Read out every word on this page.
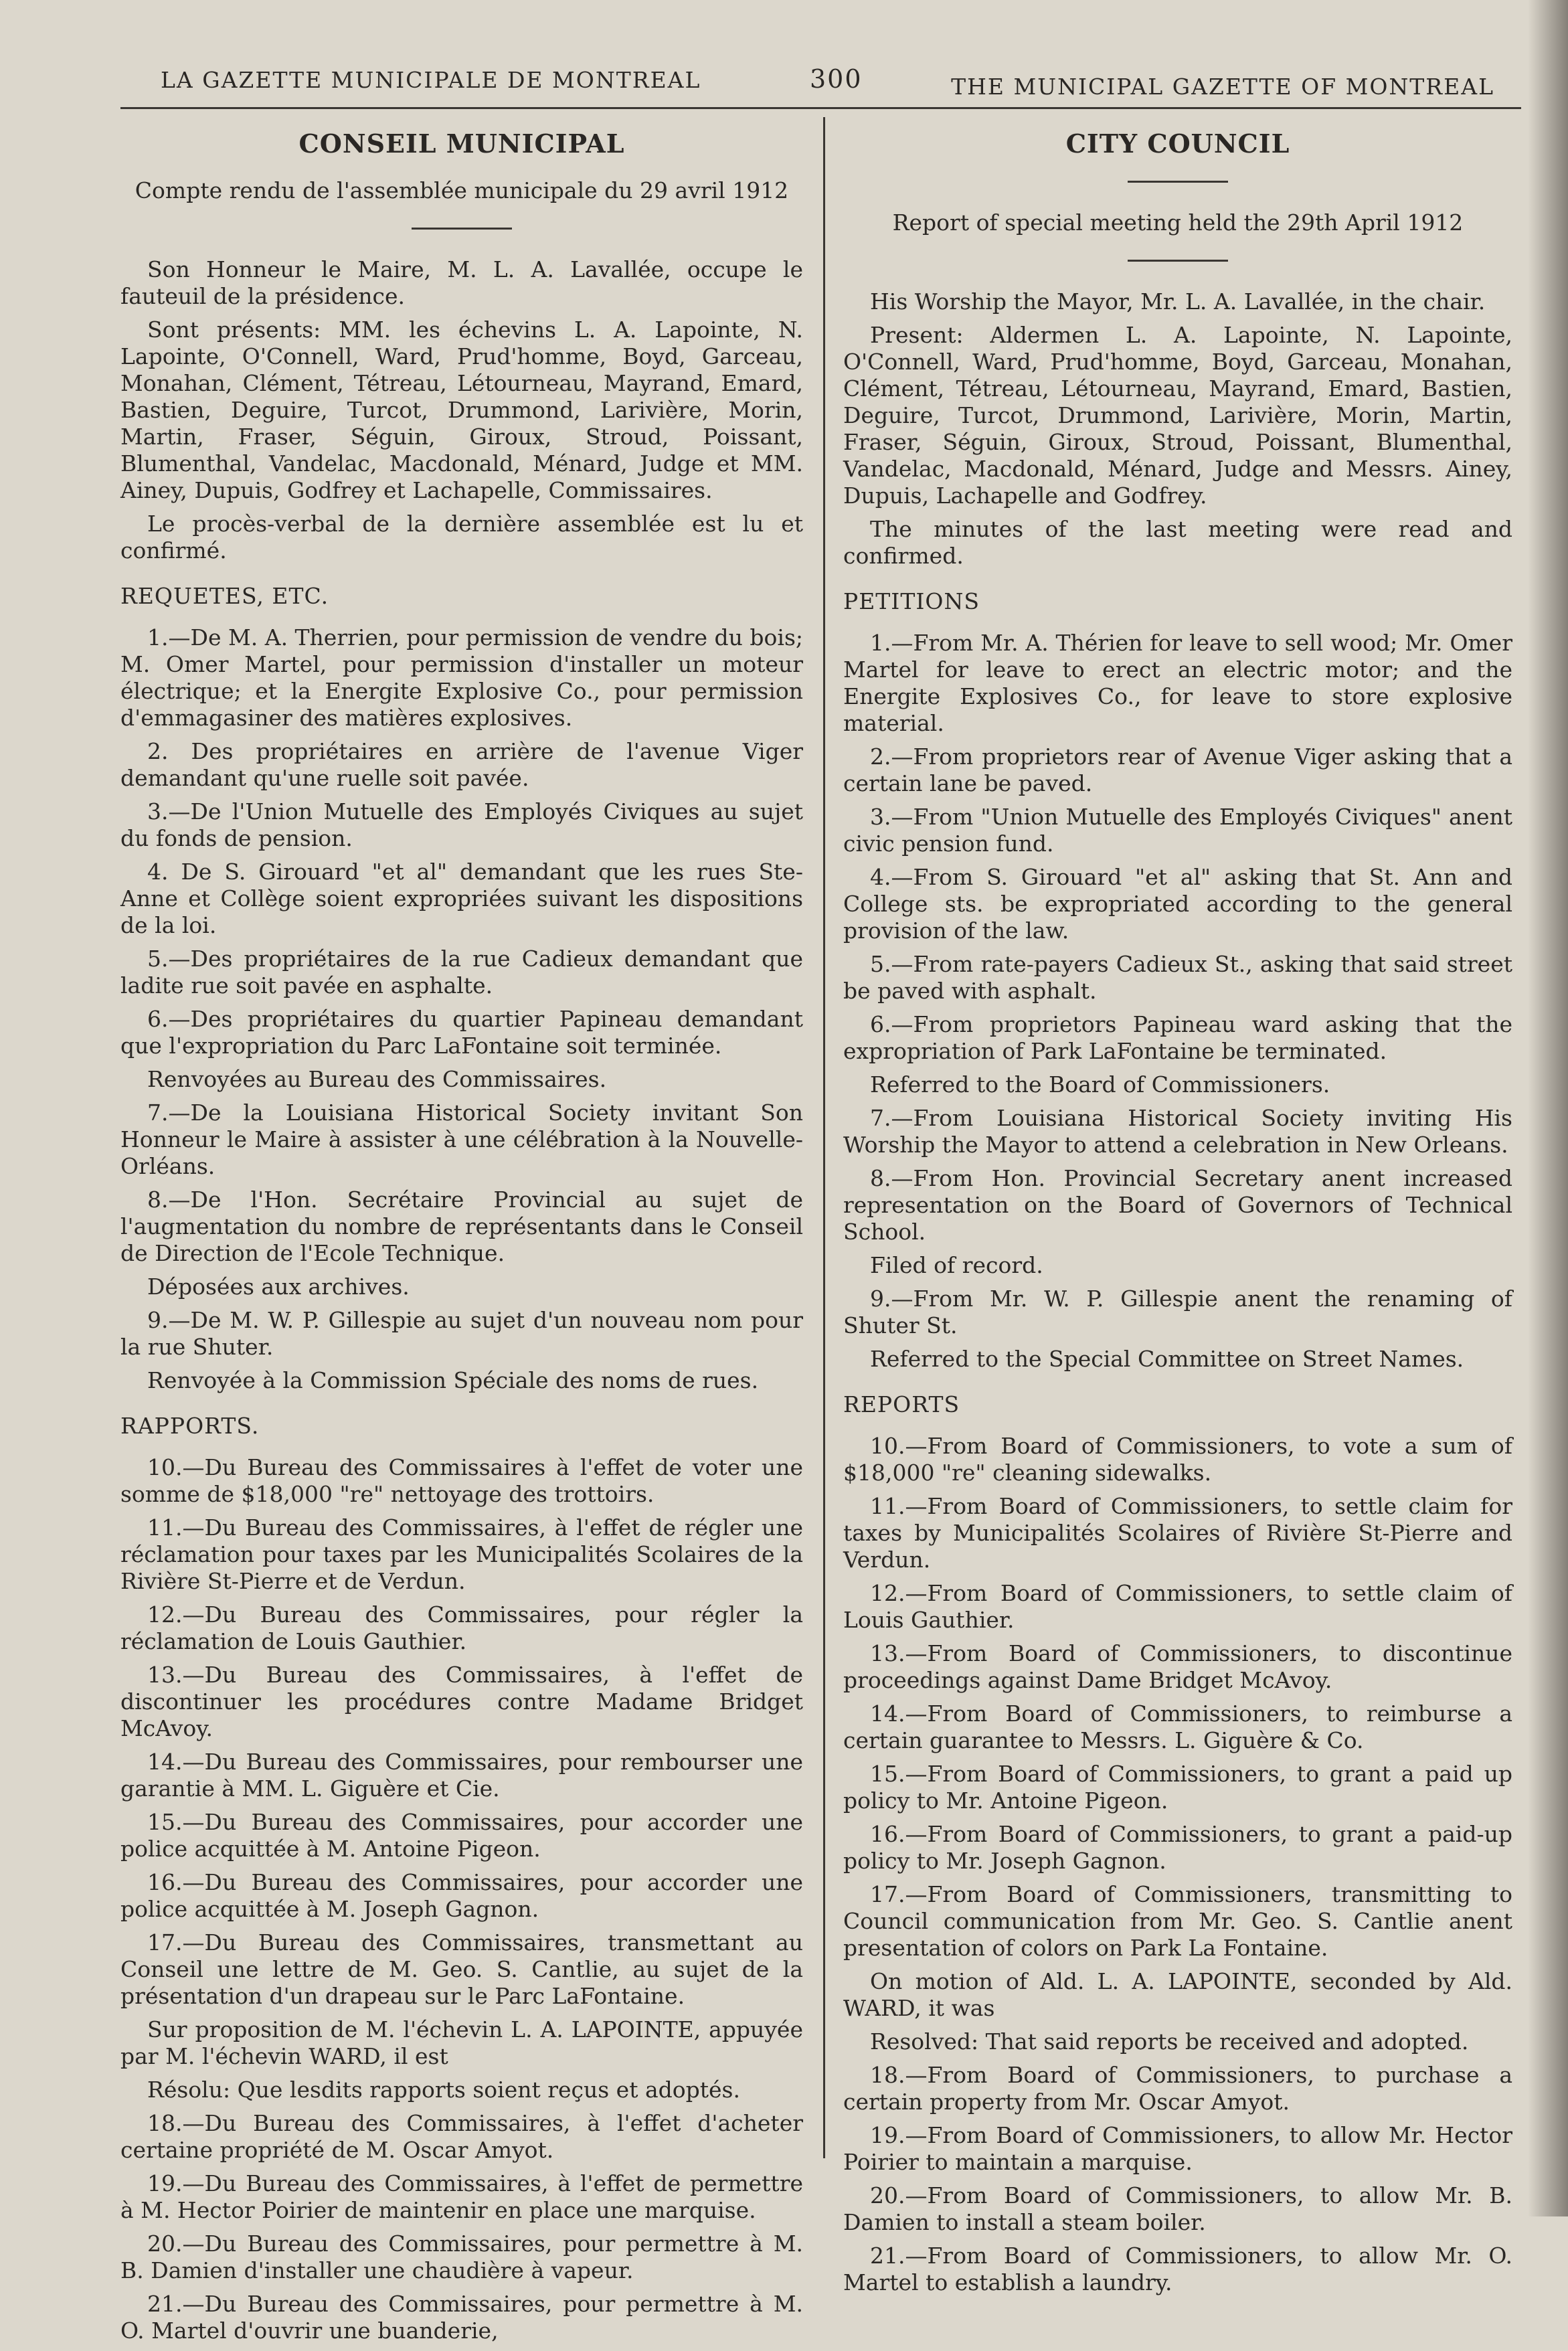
LA GAZETTE MUNICIPALE DE MONTREAL	300	THE MUNICIPAL GAZETTE OF MONTREAL
CONSEIL MUNICIPAL
Compte rendu de l'assemblée municipale du 29 avril 1912

Son Honneur le Maire, M. L. A. Lavallée, occupe le fauteuil de la présidence.

Sont présents: MM. les échevins L. A. Lapointe, N. Lapointe, O'Connell, Ward, Prud'homme, Boyd, Garceau, Monahan, Clément, Tétreau, Létourneau, Mayrand, Emard, Bastien, Deguire, Turcot, Drummond, Larivière, Morin, Martin, Fraser, Séguin, Giroux, Stroud, Poissant, Blumenthal, Vandelac, Macdonald, Ménard, Judge et MM. Ainey, Dupuis, Godfrey et Lachapelle, Commissaires.

Le procès-verbal de la dernière assemblée est lu et confirmé.

REQUETES, ETC.

1.—De M. A. Therrien, pour permission de vendre du bois; M. Omer Martel, pour permission d'installer un moteur électrique; et la Energite Explosive Co., pour permission d'emmagasiner des matières explosives.

2. Des propriétaires en arrière de l'avenue Viger demandant qu'une ruelle soit pavée.

3.—De l'Union Mutuelle des Employés Civiques au sujet du fonds de pension.

4. De S. Girouard "et al" demandant que les rues Ste-Anne et Collège soient expropriées suivant les dispositions de la loi.

5.—Des propriétaires de la rue Cadieux demandant que ladite rue soit pavée en asphalte.

6.—Des propriétaires du quartier Papineau demandant que l'expropriation du Parc LaFontaine soit terminée.

Renvoyées au Bureau des Commissaires.

7.—De la Louisiana Historical Society invitant Son Honneur le Maire à assister à une célébration à la Nouvelle-Orléans.

8.—De l'Hon. Secrétaire Provincial au sujet de l'augmentation du nombre de représentants dans le Conseil de Direction de l'Ecole Technique.

Déposées aux archives.

9.—De M. W. P. Gillespie au sujet d'un nouveau nom pour la rue Shuter.

Renvoyée à la Commission Spéciale des noms de rues.

RAPPORTS.

10.—Du Bureau des Commissaires à l'effet de voter une somme de $18,000 "re" nettoyage des trottoirs.

11.—Du Bureau des Commissaires, à l'effet de régler une réclamation pour taxes par les Municipalités Scolaires de la Rivière St-Pierre et de Verdun.

12.—Du Bureau des Commissaires, pour régler la réclamation de Louis Gauthier.

13.—Du Bureau des Commissaires, à l'effet de discontinuer les procédures contre Madame Bridget McAvoy.

14.—Du Bureau des Commissaires, pour rembourser une garantie à MM. L. Giguère et Cie.

15.—Du Bureau des Commissaires, pour accorder une police acquittée à M. Antoine Pigeon.

16.—Du Bureau des Commissaires, pour accorder une police acquittée à M. Joseph Gagnon.

17.—Du Bureau des Commissaires, transmettant au Conseil une lettre de M. Geo. S. Cantlie, au sujet de la présentation d'un drapeau sur le Parc LaFontaine.

Sur proposition de M. l'échevin L. A. LAPOINTE, appuyée par M. l'échevin WARD, il est

Résolu: Que lesdits rapports soient reçus et adoptés.

18.—Du Bureau des Commissaires, à l'effet d'acheter certaine propriété de M. Oscar Amyot.

19.—Du Bureau des Commissaires, à l'effet de permettre à M. Hector Poirier de maintenir en place une marquise.

20.—Du Bureau des Commissaires, pour permettre à M. B. Damien d'installer une chaudière à vapeur.

21.—Du Bureau des Commissaires, pour permettre à M. O. Martel d'ouvrir une buanderie,

CITY COUNCIL
Report of special meeting held the 29th April 1912

His Worship the Mayor, Mr. L. A. Lavallée, in the chair.

Present: Aldermen L. A. Lapointe, N. Lapointe, O'Connell, Ward, Prud'homme, Boyd, Garceau, Monahan, Clément, Tétreau, Létourneau, Mayrand, Emard, Bastien, Deguire, Turcot, Drummond, Larivière, Morin, Martin, Fraser, Séguin, Giroux, Stroud, Poissant, Blumenthal, Vandelac, Macdonald, Ménard, Judge and Messrs. Ainey, Dupuis, Lachapelle and Godfrey.

The minutes of the last meeting were read and confirmed.

PETITIONS

1.—From Mr. A. Thérien for leave to sell wood; Mr. Omer Martel for leave to erect an electric motor; and the Energite Explosives Co., for leave to store explosive material.

2.—From proprietors rear of Avenue Viger asking that a certain lane be paved.

3.—From "Union Mutuelle des Employés Civiques" anent civic pension fund.

4.—From S. Girouard "et al" asking that St. Ann and College sts. be expropriated according to the general provision of the law.

5.—From rate-payers Cadieux St., asking that said street be paved with asphalt.

6.—From proprietors Papineau ward asking that the expropriation of Park LaFontaine be terminated.

Referred to the Board of Commissioners.

7.—From Louisiana Historical Society inviting His Worship the Mayor to attend a celebration in New Orleans.

8.—From Hon. Provincial Secretary anent increased representation on the Board of Governors of Technical School.

Filed of record.

9.—From Mr. W. P. Gillespie anent the renaming of Shuter St.

Referred to the Special Committee on Street Names.

REPORTS

10.—From Board of Commissioners, to vote a sum of $18,000 "re" cleaning sidewalks.

11.—From Board of Commissioners, to settle claim for taxes by Municipalités Scolaires of Rivière St-Pierre and Verdun.

12.—From Board of Commissioners, to settle claim of Louis Gauthier.

13.—From Board of Commissioners, to discontinue proceedings against Dame Bridget McAvoy.

14.—From Board of Commissioners, to reimburse a certain guarantee to Messrs. L. Giguère & Co.

15.—From Board of Commissioners, to grant a paid up policy to Mr. Antoine Pigeon.

16.—From Board of Commissioners, to grant a paid-up policy to Mr. Joseph Gagnon.

17.—From Board of Commissioners, transmitting to Council communication from Mr. Geo. S. Cantlie anent presentation of colors on Park La Fontaine.

On motion of Ald. L. A. LAPOINTE, seconded by Ald. WARD, it was

Resolved: That said reports be received and adopted.

18.—From Board of Commissioners, to purchase a certain property from Mr. Oscar Amyot.

19.—From Board of Commissioners, to allow Mr. Hector Poirier to maintain a marquise.

20.—From Board of Commissioners, to allow Mr. B. Damien to install a steam boiler.

21.—From Board of Commissioners, to allow Mr. O. Martel to establish a laundry.
